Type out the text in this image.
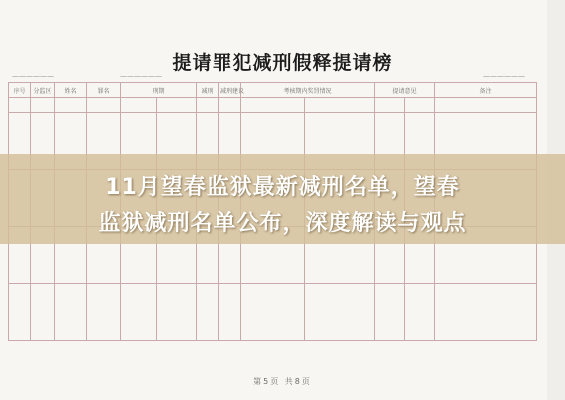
提请罪犯减刑假释提请榜
——————	——————	——————
序号	分监区	姓名	罪名	刑期		减刑	减刑建议	考核期内奖罚情况		提请意见		备注

11月望春监狱最新减刑名单，望春
监狱减刑名单公布，深度解读与观点
第5页 共8页
